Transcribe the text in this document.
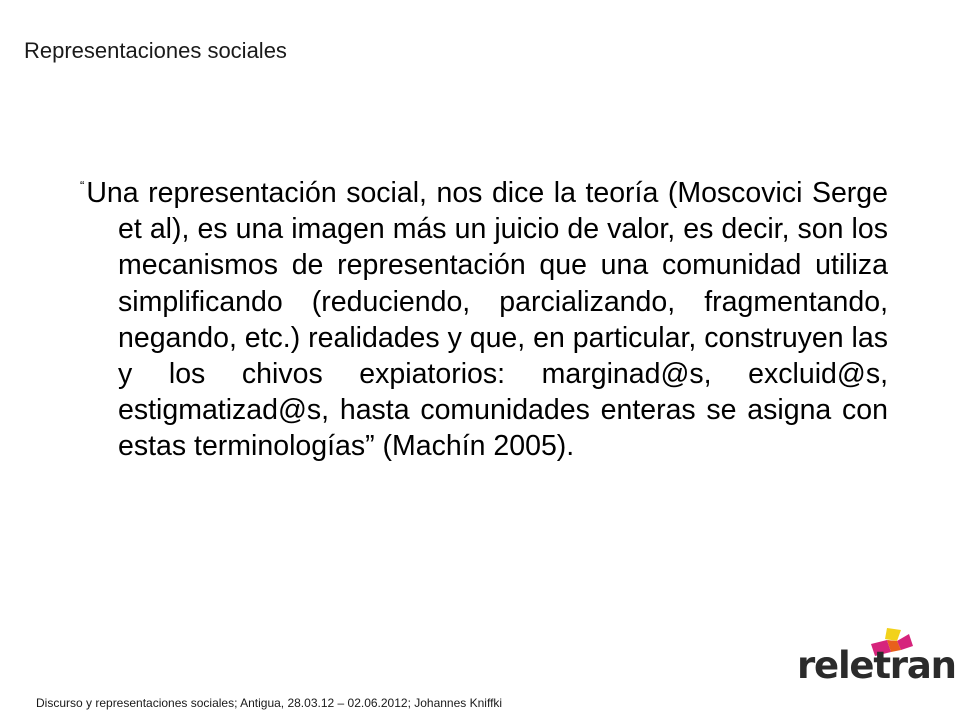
Representaciones sociales
“Una representación social, nos dice la teoría (Moscovici Serge et al), es una imagen más un juicio de valor, es decir, son los mecanismos de representación que una comunidad utiliza simplificando (reduciendo, parcializando, fragmentando, negando, etc.) realidades y que, en particular, construyen las y los chivos expiatorios: marginad@s, excluid@s, estigmatizad@s, hasta comunidades enteras se asigna con estas terminologías” (Machín 2005).
reletran
Discurso y representaciones sociales; Antigua, 28.03.12 – 02.06.2012; Johannes Kniffki
